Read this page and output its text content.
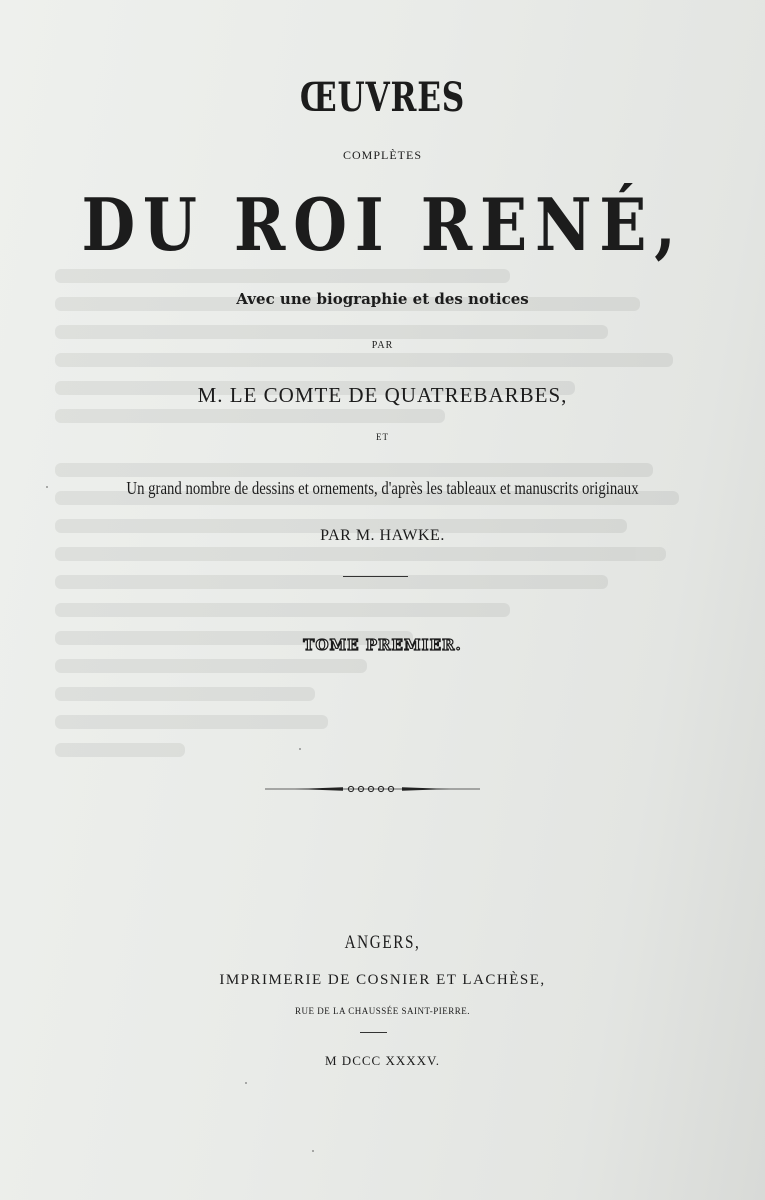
ŒUVRES
COMPLÈTES
DU ROI RENÉ,
Avec une biographie et des notices
PAR
M. LE COMTE DE QUATREBARBES,
ET
Un grand nombre de dessins et ornements, d'après les tableaux et manuscrits originaux
PAR M. HAWKE.
TOME PREMIER.
ANGERS,
IMPRIMERIE DE COSNIER ET LACHÈSE,
RUE DE LA CHAUSSÉE SAINT-PIERRE.
M DCCC XXXXV.
